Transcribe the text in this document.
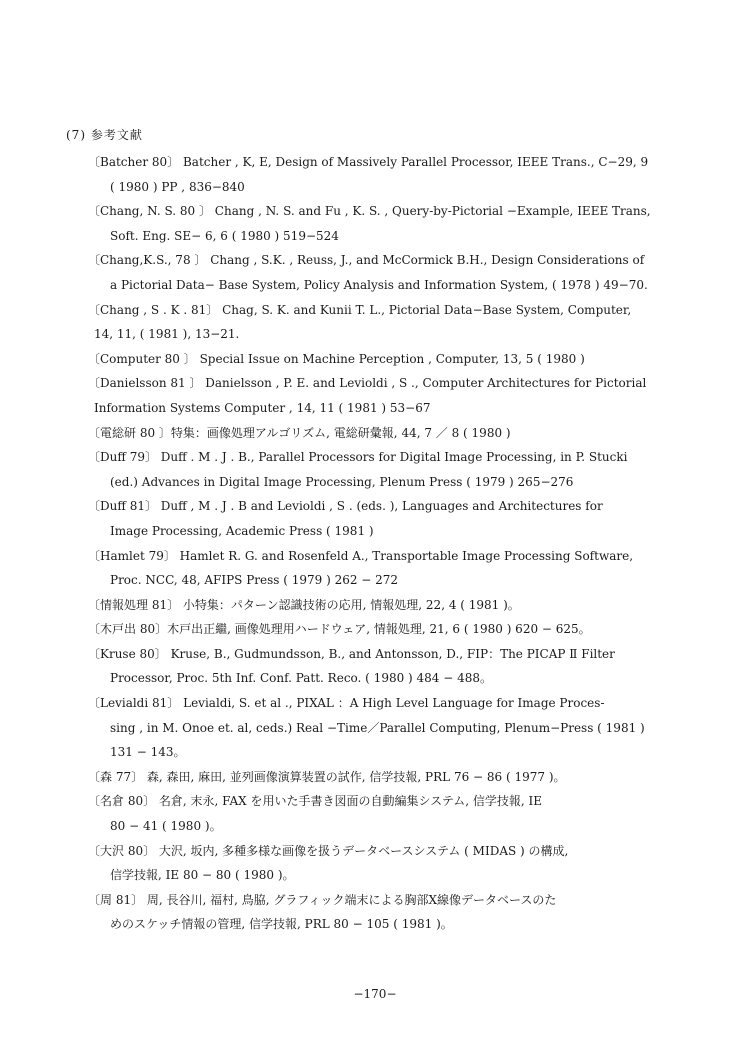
(7) 参考文献
〔Batcher 80〕 Batcher , K, E, Design of Massively Parallel Processor, IEEE Trans., C−29, 9
( 1980 ) PP , 836−840
〔Chang, N. S. 80 〕 Chang , N. S. and Fu , K. S. , Query-by-Pictorial −Example, IEEE Trans,
Soft. Eng. SE− 6, 6 ( 1980 ) 519−524
〔Chang,K.S., 78 〕 Chang , S.K. , Reuss, J., and McCormick B.H., Design Considerations of
a Pictorial Data− Base System, Policy Analysis and Information System, ( 1978 ) 49−70.
〔Chang , S . K . 81〕 Chag, S. K. and Kunii T. L., Pictorial Data−Base System, Computer,
14, 11, ( 1981 ), 13−21.
〔Computer 80 〕 Special Issue on Machine Perception , Computer, 13, 5 ( 1980 )
〔Danielsson 81 〕 Danielsson , P. E. and Levioldi , S ., Computer Architectures for Pictorial
Information Systems Computer , 14, 11 ( 1981 ) 53−67
〔電総研 80 〕特集：画像処理アルゴリズム, 電総研彙報, 44, 7 ／ 8 ( 1980 )
〔Duff 79〕 Duff . M . J . B., Parallel Processors for Digital Image Processing, in P. Stucki
(ed.) Advances in Digital Image Processing, Plenum Press ( 1979 ) 265−276
〔Duff 81〕 Duff , M . J . B and Levioldi , S . (eds. ), Languages and Architectures for
Image Processing, Academic Press ( 1981 )
〔Hamlet 79〕 Hamlet R. G. and Rosenfeld A., Transportable Image Processing Software,
Proc. NCC, 48, AFIPS Press ( 1979 ) 262 − 272
〔情報処理 81〕 小特集：パターン認識技術の応用, 情報処理, 22, 4 ( 1981 )。
〔木戸出 80〕木戸出正繼, 画像処理用ハードウェア, 情報処理, 21, 6 ( 1980 ) 620 − 625。
〔Kruse 80〕 Kruse, B., Gudmundsson, B., and Antonsson, D., FIP：The PICAP Ⅱ Filter
Processor, Proc. 5th Inf. Conf. Patt. Reco. ( 1980 ) 484 − 488。
〔Levialdi 81〕 Levialdi, S. et al ., PIXAL ：A High Level Language for Image Proces-
sing , in M. Onoe et. al, ceds.) Real −Time／Parallel Computing, Plenum−Press ( 1981 )
131 − 143。
〔森 77〕 森, 森田, 麻田, 並列画像演算装置の試作, 信学技報, PRL 76 − 86 ( 1977 )。
〔名倉 80〕 名倉, 末永, FAX を用いた手書き図面の自動編集システム, 信学技報, IE
80 − 41 ( 1980 )。
〔大沢 80〕 大沢, 坂内, 多種多様な画像を扱うデータベースシステム ( MIDAS ) の構成,
信学技報, IE 80 − 80 ( 1980 )。
〔周 81〕 周, 長谷川, 福村, 鳥脇, グラフィック端末による胸部X線像データベースのた
めのスケッチ情報の管理, 信学技報, PRL 80 − 105 ( 1981 )。
−170−
